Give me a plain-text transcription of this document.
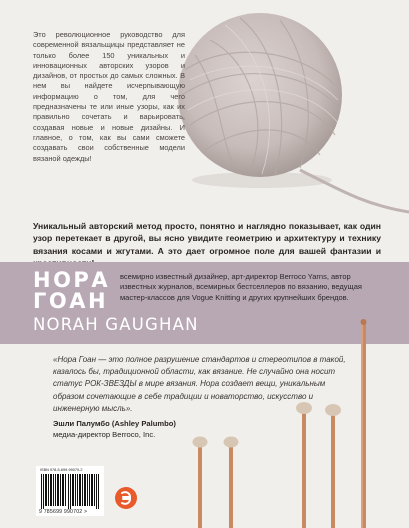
Это революционное руководство для современной вязальщицы представляет не только более 150 уникальных и инновационных авторских узоров и дизайнов, от простых до самых сложных. В нем вы найдете исчерпывающую информацию о том, для чего предназначены те или иные узоры, как их правильно сочетать и варьировать, создавая новые и новые дизайны. И главное, о том, как вы сами сможете создавать свои собственные модели вязаной одежды!
Уникальный авторский метод просто, понятно и наглядно показывает, как один узор перетекает в другой, вы ясно увидите геометрию и архитектуру и технику вязания косами и жгутами. А это дает огромное поле для вашей фантазии и
НОРА
ГОАН
NORAH GAUGHAN
всемирно известный дизайнер, арт-директор Berroco Yarns, автор известных журналов, всемирных бестселлеров по вязанию, ведущая мастер-классов для Vogue Knitting и других крупнейших брендов.
«Нора Гоан — это полное разрушение стандартов и стереотипов в такой, казалось бы, традиционной области, как вязание. Не случайно она носит статус РОК-ЗВЕЗДЫ в мире вязания. Нора создает вещи, уникальным образом сочетающие в себе традиции и новаторство, искусство и инженерную мысль».
Эшли Палумбо (Ashley Palumbo)
медиа-директор Berroco, Inc.
ISBN 978-5-699-99070-2
9 785699 990702 >
